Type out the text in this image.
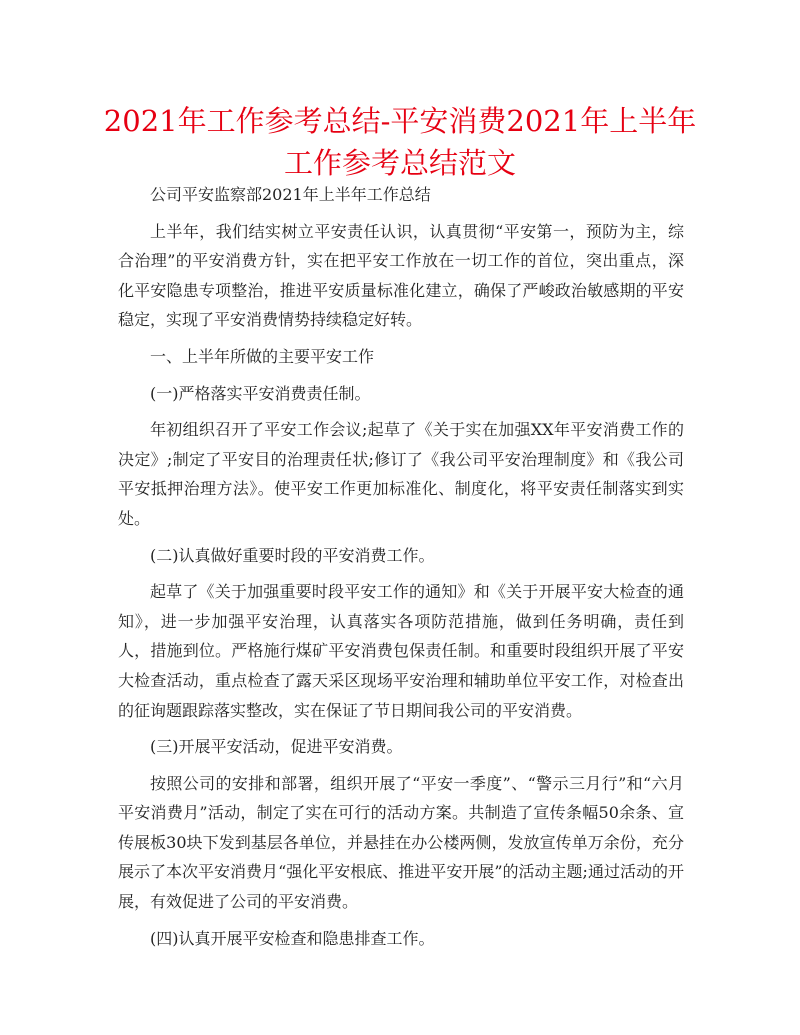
2021年工作参考总结-平安消费2021年上半年工作参考总结范文

公司平安监察部2021年上半年工作总结

上半年，我们结实树立平安责任认识，认真贯彻“平安第一，预防为主，综合治理”的平安消费方针，实在把平安工作放在一切工作的首位，突出重点，深化平安隐患专项整治，推进平安质量标准化建立，确保了严峻政治敏感期的平安稳定，实现了平安消费情势持续稳定好转。

一、上半年所做的主要平安工作

(一)严格落实平安消费责任制。

年初组织召开了平安工作会议;起草了《关于实在加强XX年平安消费工作的决定》;制定了平安目的治理责任状;修订了《我公司平安治理制度》和《我公司平安抵押治理方法》。使平安工作更加标准化、制度化，将平安责任制落实到实处。

(二)认真做好重要时段的平安消费工作。

起草了《关于加强重要时段平安工作的通知》和《关于开展平安大检查的通知》，进一步加强平安治理，认真落实各项防范措施，做到任务明确，责任到人，措施到位。严格施行煤矿平安消费包保责任制。和重要时段组织开展了平安大检查活动，重点检查了露天采区现场平安治理和辅助单位平安工作，对检查出的征询题跟踪落实整改，实在保证了节日期间我公司的平安消费。

(三)开展平安活动，促进平安消费。

按照公司的安排和部署，组织开展了“平安一季度”、“警示三月行”和“六月平安消费月”活动，制定了实在可行的活动方案。共制造了宣传条幅50余条、宣传展板30块下发到基层各单位，并悬挂在办公楼两侧，发放宣传单万余份，充分展示了本次平安消费月“强化平安根底、推进平安开展”的活动主题;通过活动的开展，有效促进了公司的平安消费。

(四)认真开展平安检查和隐患排查工作。
